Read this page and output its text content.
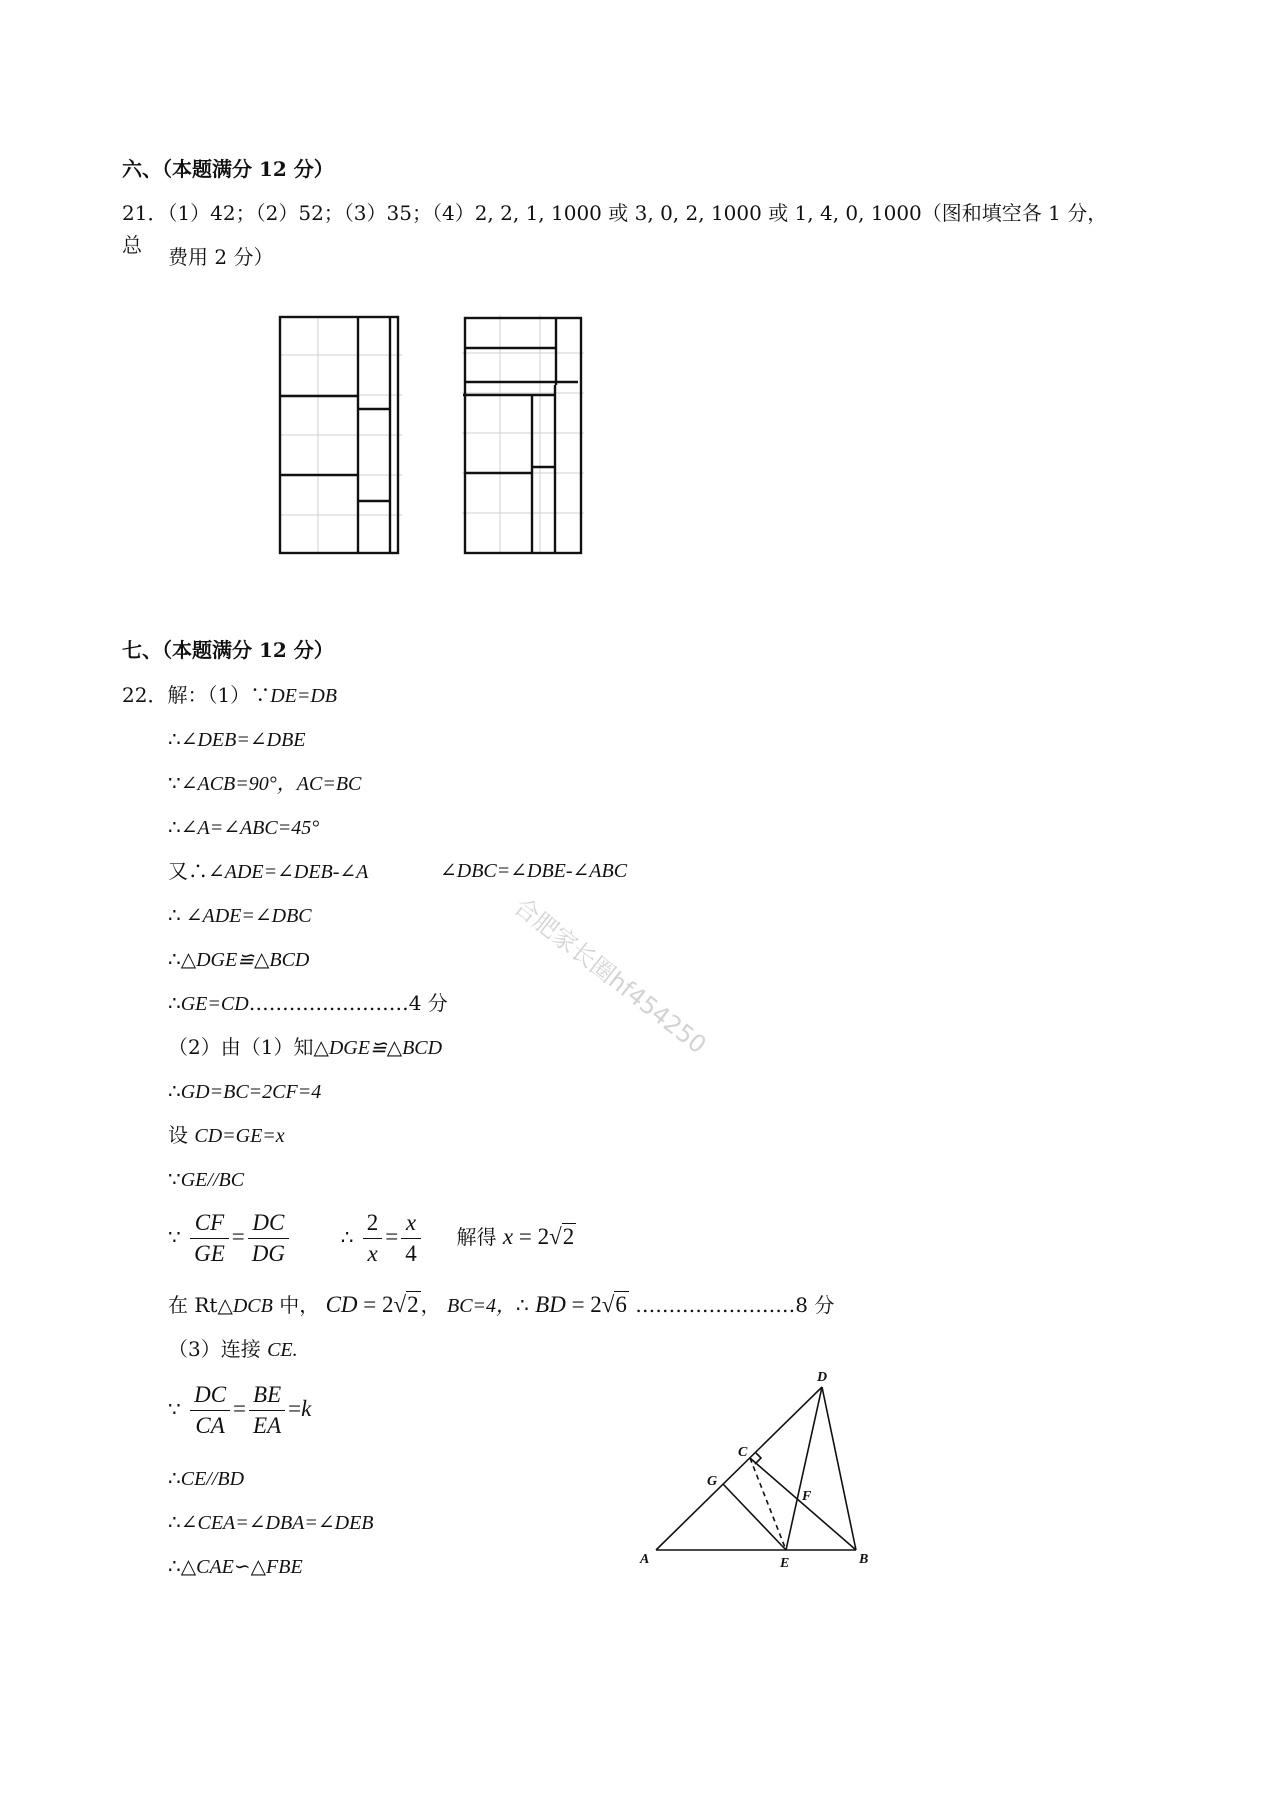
六、（本题满分 12 分）
21．（1）42；（2）52；（3）35；（4）2, 2, 1, 1000 或 3, 0, 2, 1000 或 1, 4, 0, 1000（图和填空各 1 分，
总 费用 2 分）
七、（本题满分 12 分）
22．解：（1）∵DE=DB
∴∠DEB=∠DBE
∵∠ACB=90°，AC=BC
∴∠A=∠ABC=45°
又∴∠ADE=∠DEB-∠A	∠DBC=∠DBE-∠ABC
∴ ∠ADE=∠DBC
∴△DGE≌△BCD
∴GE=CD……………………4 分
（2）由（1）知△DGE≌△BCD
∴GD=BC=2CF=4
设 CD=GE=x
∵GE//BC
∵ $\frac{CF}{GE} = \frac{DC}{DG}$	∴ $\frac{2}{x} = \frac{x}{4}$ 解得 x = 2√2
在 Rt△DCB 中， CD = 2√2 ， BC=4，∴ BD = 2√6 ……………………8 分
（3）连接 CE.
∵ $\frac{DC}{CA} = \frac{BE}{EA} =k$
∴CE//BD
∴∠CEA=∠DBA=∠DEB
∴△CAE∽△FBE	A	B
C
D
E
F
G
合肥家长圈hf454250
